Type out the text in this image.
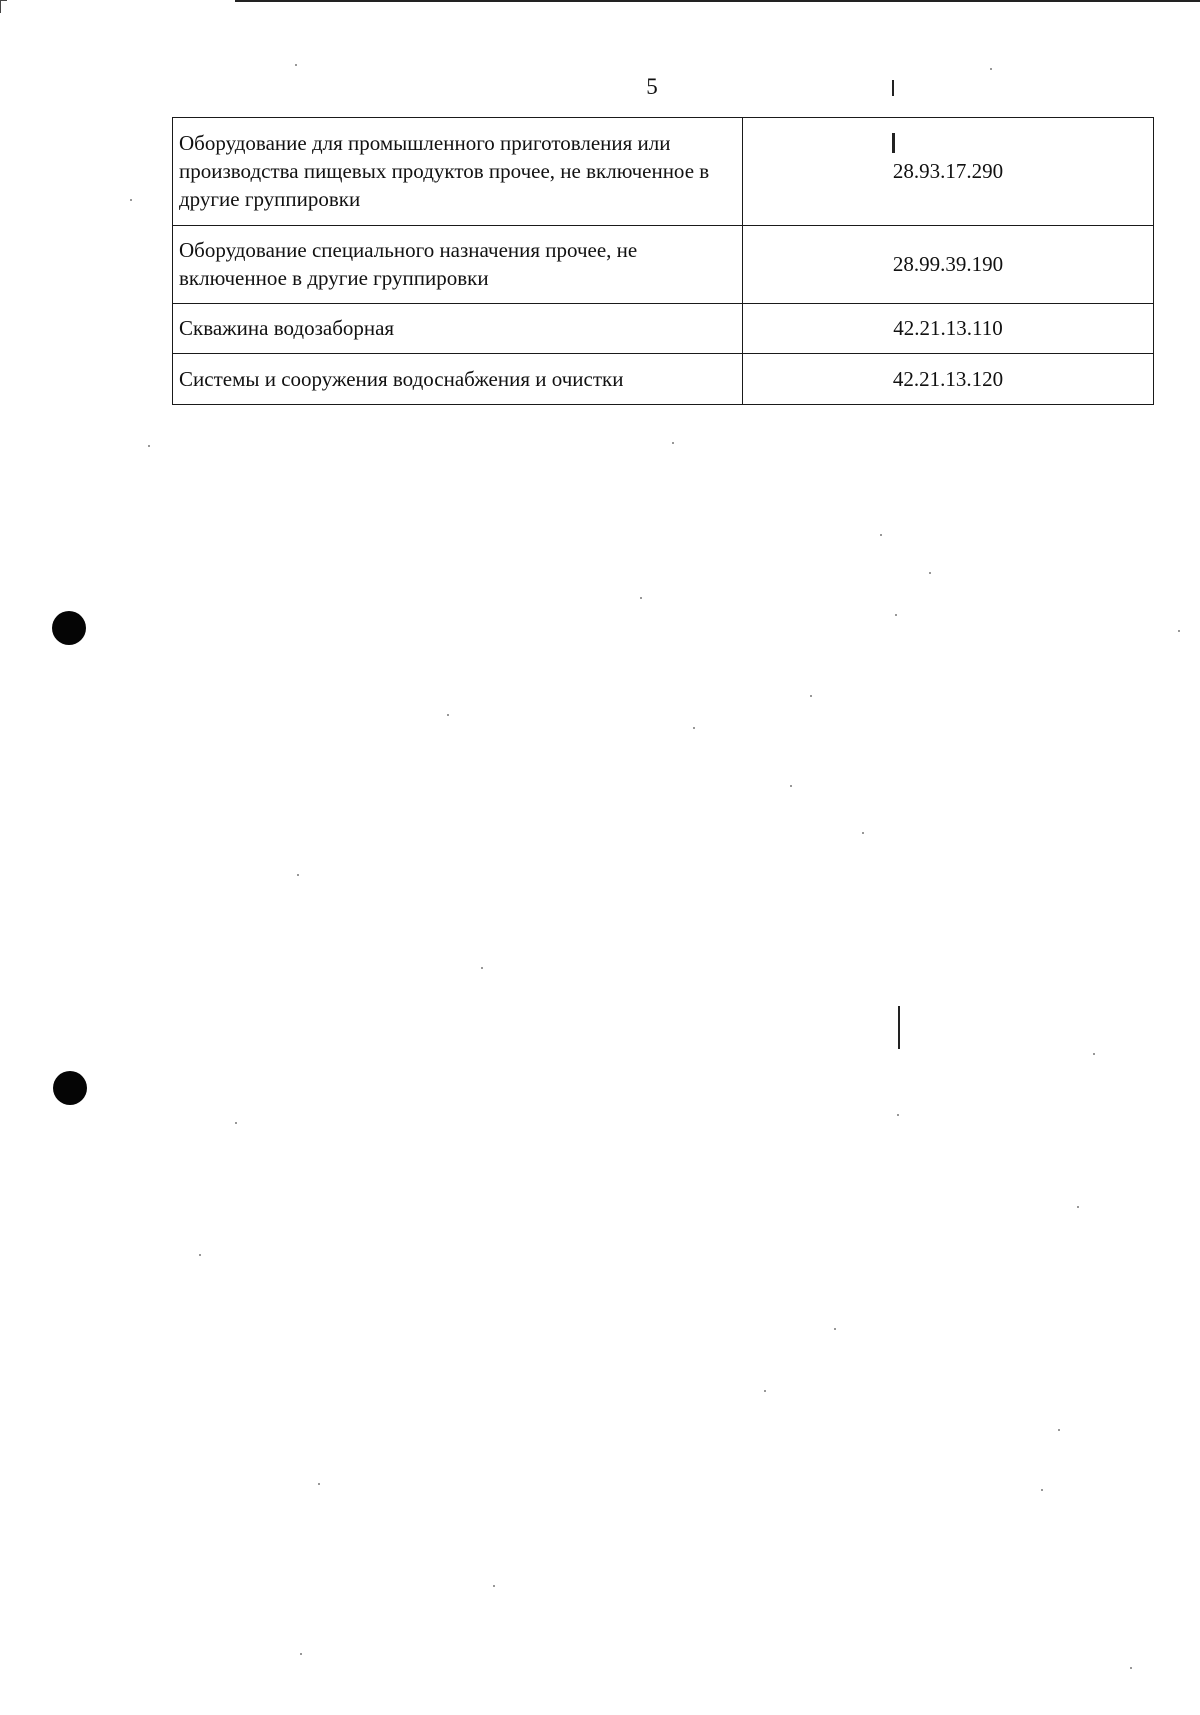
5
Оборудование для промышленного приготовления или производства пищевых продуктов прочее, не включенное в другие группировки	28.93.17.290
Оборудование специального назначения прочее, не включенное в другие группировки	28.99.39.190
Скважина водозаборная	42.21.13.110
Системы и сооружения водоснабжения и очистки	42.21.13.120
